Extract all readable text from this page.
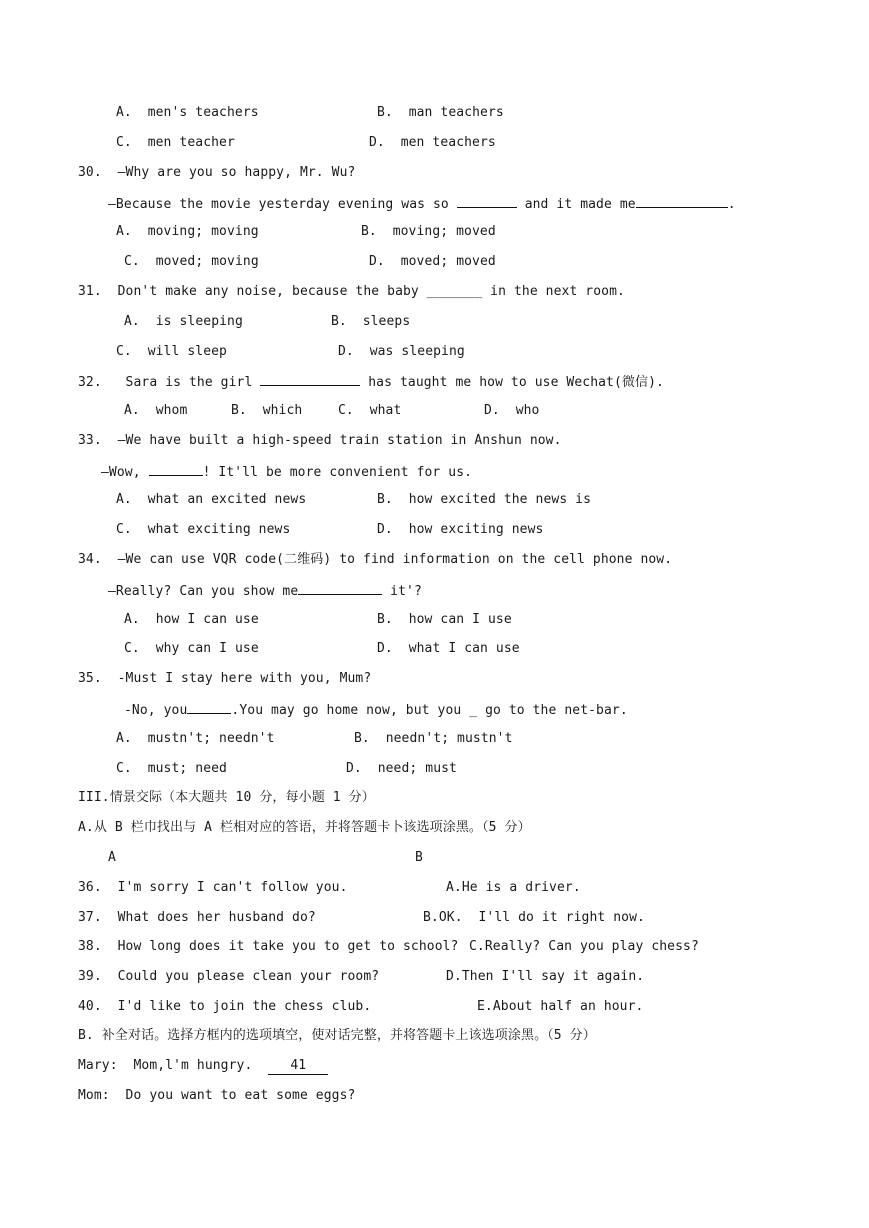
A.  men's teachers	B.  man teachers
C.  men teacher	D.  men teachers
30.  —Why are you so happy, Mr. Wu?
—Because the movie yesterday evening was so	and it made me	.
A.  moving; moving	B.  moving; moved
C.  moved; moving	D.  moved; moved
31.  Don't make any noise, because the baby _______ in the next room.
A.  is sleeping	B.  sleeps
C.  will sleep	D.  was sleeping
32.   Sara is the girl	has taught me how to use Wechat(微信).
A.  whom	B.  which	C.  what	D.  who
33.  —We have built a high-speed train station in Anshun now.
—Wow,	! It'll be more convenient for us.
A.  what an excited news	B.  how excited the news is
C.  what exciting news	D.  how exciting news
34.  —We can use VQR code(二维码) to find information on the cell phone now.
—Really? Can you show me	it'?
A.  how I can use	B.  how can I use
C.  why can I use	D.  what I can use
35.  -Must I stay here with you, Mum?
-No, you	.You may go home now, but you _ go to the net-bar.
A.  mustn't; needn't	B.  needn't; mustn't
C.  must; need	D.  need; must
III.情景交际（本大题共 10 分，每小题 1 分）
A.从 B 栏巾找出与 A 栏相对应的答语，并将答题卡卜该选项涂黑。（5 分）
A	B
36.  I'm sorry I can't follow you.	A.He is a driver.
37.  What does her husband do?	B.OK.  I'll do it right now.
38.  How long does it take you to get to school? C.Really? Can you play chess?
39.  Could you please clean your room?	D.Then I'll say it again.
40.  I'd like to join the chess club.	E.About half an hour.
B. 补全对话。选择方框内的选项填空，使对话完整，并将答题卡上该选项涂黑。（5 分）
Mary:  Mom,l'm hungry.  41
Mom:  Do you want to eat some eggs?
